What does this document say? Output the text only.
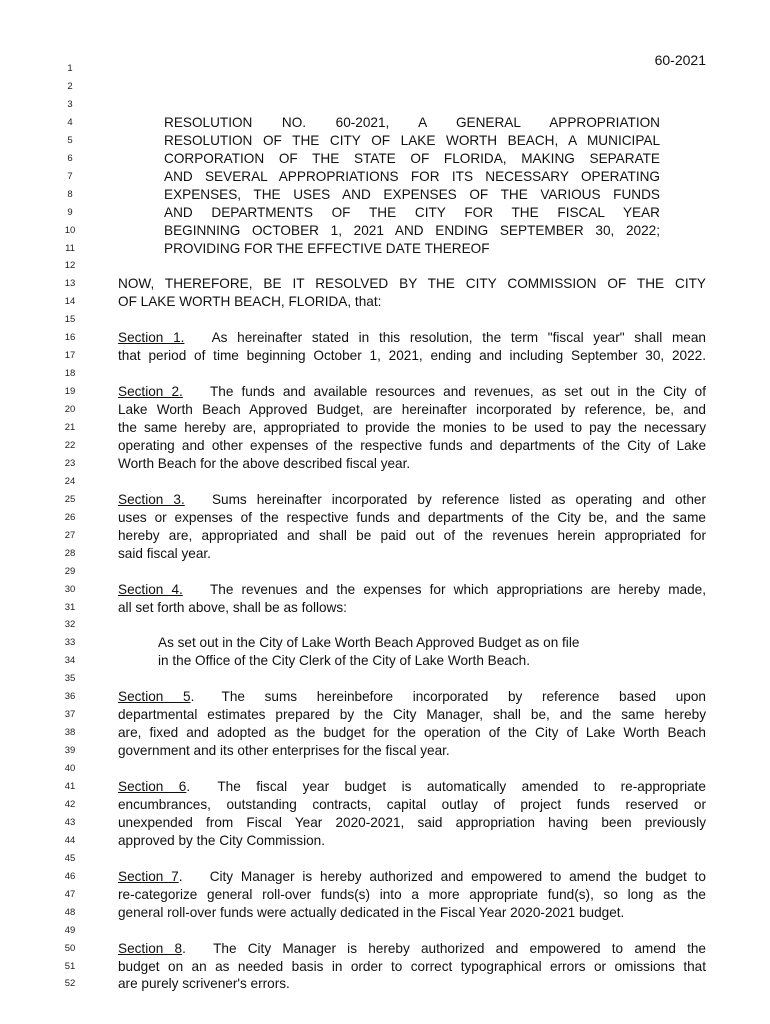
60-2021
1
2
3
4	RESOLUTION NO. 60-2021, A GENERAL APPROPRIATION
5	RESOLUTION OF THE CITY OF LAKE WORTH BEACH, A MUNICIPAL
6	CORPORATION OF THE STATE OF FLORIDA, MAKING SEPARATE
7	AND SEVERAL APPROPRIATIONS FOR ITS NECESSARY OPERATING
8	EXPENSES, THE USES AND EXPENSES OF THE VARIOUS FUNDS
9	AND DEPARTMENTS OF THE CITY FOR THE FISCAL YEAR
10	BEGINNING OCTOBER 1, 2021 AND ENDING SEPTEMBER 30, 2022;
11	PROVIDING FOR THE EFFECTIVE DATE THEREOF
12
13	NOW, THEREFORE, BE IT RESOLVED BY THE CITY COMMISSION OF THE CITY
14	OF LAKE WORTH BEACH, FLORIDA, that:
15
16	Section 1.   As hereinafter stated in this resolution, the term "fiscal year" shall mean
17	that period of time beginning October 1, 2021, ending and including September 30, 2022.
18
19	Section 2.   The funds and available resources and revenues, as set out in the City of
20	Lake Worth Beach Approved Budget, are hereinafter incorporated by reference, be, and
21	the same hereby are, appropriated to provide the monies to be used to pay the necessary
22	operating and other expenses of the respective funds and departments of the City of Lake
23	Worth Beach for the above described fiscal year.
24
25	Section 3.   Sums hereinafter incorporated by reference listed as operating and other
26	uses or expenses of the respective funds and departments of the City be, and the same
27	hereby are, appropriated and shall be paid out of the revenues herein appropriated for
28	said fiscal year.
29
30	Section 4.   The revenues and the expenses for which appropriations are hereby made,
31	all set forth above, shall be as follows:
32
33	As set out in the City of Lake Worth Beach Approved Budget as on file
34	in the Office of the City Clerk of the City of Lake Worth Beach.
35
36	Section 5.   The sums hereinbefore incorporated by reference based upon
37	departmental estimates prepared by the City Manager, shall be, and the same hereby
38	are, fixed and adopted as the budget for the operation of the City of Lake Worth Beach
39	government and its other enterprises for the fiscal year.
40
41	Section 6.   The fiscal year budget is automatically amended to re-appropriate
42	encumbrances, outstanding contracts, capital outlay of project funds reserved or
43	unexpended from Fiscal Year 2020-2021, said appropriation having been previously
44	approved by the City Commission.
45
46	Section 7.   City Manager is hereby authorized and empowered to amend the budget to
47	re-categorize general roll-over funds(s) into a more appropriate fund(s), so long as the
48	general roll-over funds were actually dedicated in the Fiscal Year 2020-2021 budget.
49
50	Section 8.   The City Manager is hereby authorized and empowered to amend the
51	budget on an as needed basis in order to correct typographical errors or omissions that
52	are purely scrivener's errors.
